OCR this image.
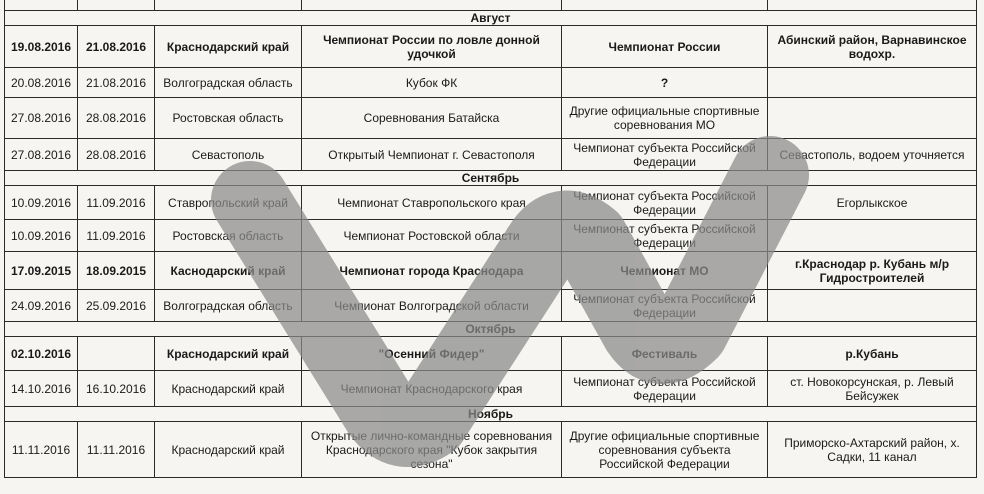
Август					
19.08.2016	21.08.2016	Краснодарский край	Чемпионат России по ловле донной удочкой	Чемпионат России	Абинский район, Варнавинское водохр.
20.08.2016	21.08.2016	Волгоградская область	Кубок ФК	?	
27.08.2016	28.08.2016	Ростовская область	Соревнования Батайска	Другие официальные спортивные соревнования МО	
27.08.2016	28.08.2016	Севастополь	Открытый Чемпионат г. Севастополя	Чемпионат субъекта Российской Федерации	Севастополь, водоем уточняется
Сентябрь					
10.09.2016	11.09.2016	Ставропольский край	Чемпионат Ставропольского края	Чемпионат субъекта Российской Федерации	Егорлыкское
10.09.2016	11.09.2016	Ростовская область	Чемпионат Ростовской области	Чемпионат субъекта Российской Федерации	
17.09.2015	18.09.2015	Каснодарский край	Чемпионат города Краснодара	Чемпионат МО	г.Краснодар р. Кубань м/р Гидростроителей
24.09.2016	25.09.2016	Волгоградская область	Чемпионат Волгоградской области	Чемпионат субъекта Российской Федерации	
Октябрь					
02.10.2016		Краснодарский край	"Осенний Фидер"	Фестиваль	р.Кубань
14.10.2016	16.10.2016	Краснодарский край	Чемпионат Краснодарского края	Чемпионат субъекта Российской Федерации	ст. Новокорсунская, р. Левый Бейсужек
Ноябрь					
11.11.2016	11.11.2016	Краснодарский край	Открытые лично-командные соревнования Краснодарского края "Кубок закрытия сезона"	Другие официальные спортивные соревнования субъекта Российской Федерации	Приморско-Ахтарский район, х. Садки, 11 канал
